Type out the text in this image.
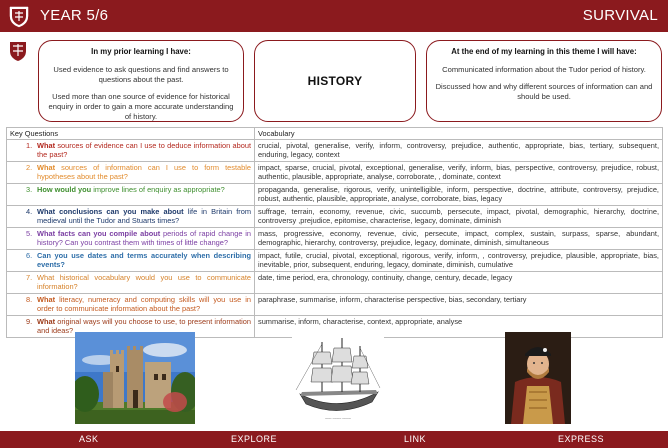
YEAR 5/6	SURVIVAL
In my prior learning I have:
Used evidence to ask questions and find answers to questions about the past.
Used more than one source of evidence for historical enquiry in order to gain a more accurate understanding of history.
HISTORY
At the end of my learning in this theme I will have:
Communicated information about the Tudor period of history.
Discussed how and why different sources of information can and should be used.
Key Questions	Vocabulary

1. What sources of evidence can I use to deduce information about the past?	crucial, pivotal, generalise, verify, inform, controversy, prejudice, authentic, appropriate, bias, tertiary, subsequent, enduring, legacy, context

2. What sources of information can I use to form testable hypotheses about the past?	impact, sparse, crucial, pivotal, exceptional, generalise, verify, inform, bias, perspective, controversy, prejudice, robust, authentic, plausible, appropriate, analyse, corroborate, , dominate, context

3. How would you improve lines of enquiry as appropriate?	propaganda, generalise, rigorous, verify, unintelligible, inform, perspective, doctrine, attribute, controversy, prejudice, robust, authentic, plausible, appropriate, analyse, corroborate, bias, legacy

4. What conclusions can you make about life in Britain from medieval until the Tudor and Stuarts times?	suffrage, terrain, economy, revenue, civic, succumb, persecute, impact, pivotal, demographic, hierarchy, doctrine, controversy ,prejudice, epitomise, characterise, legacy, dominate, diminish

5. What facts can you compile about periods of rapid change in history? Can you contrast them with times of little change?	mass, progressive, economy, revenue, civic, persecute, impact, complex, sustain, surpass, sparse, abundant, demographic, hierarchy, controversy, prejudice, legacy, dominate, diminish, simultaneous

6. Can you use dates and terms accurately when describing events?	impact, futile, crucial, pivotal, exceptional, rigorous, verify, inform, , controversy, prejudice, plausible, appropriate, bias, inevitable, prior, subsequent, enduring, legacy, dominate, diminish, cumulative

7. What historical vocabulary would you use to communicate information?	date, time period, era, chronology, continuity, change, century, decade, legacy

8. What literacy, numeracy and computing skills will you use in order to communicate information about the past?	paraphrase, summarise, inform, characterise perspective, bias, secondary, tertiary

9. What original ways will you choose to use, to present information and ideas?	summarise, inform, characterise, context, appropriate, analyse
~~~ ~~~~ ~~~~
ASK	EXPLORE	LINK	EXPRESS
